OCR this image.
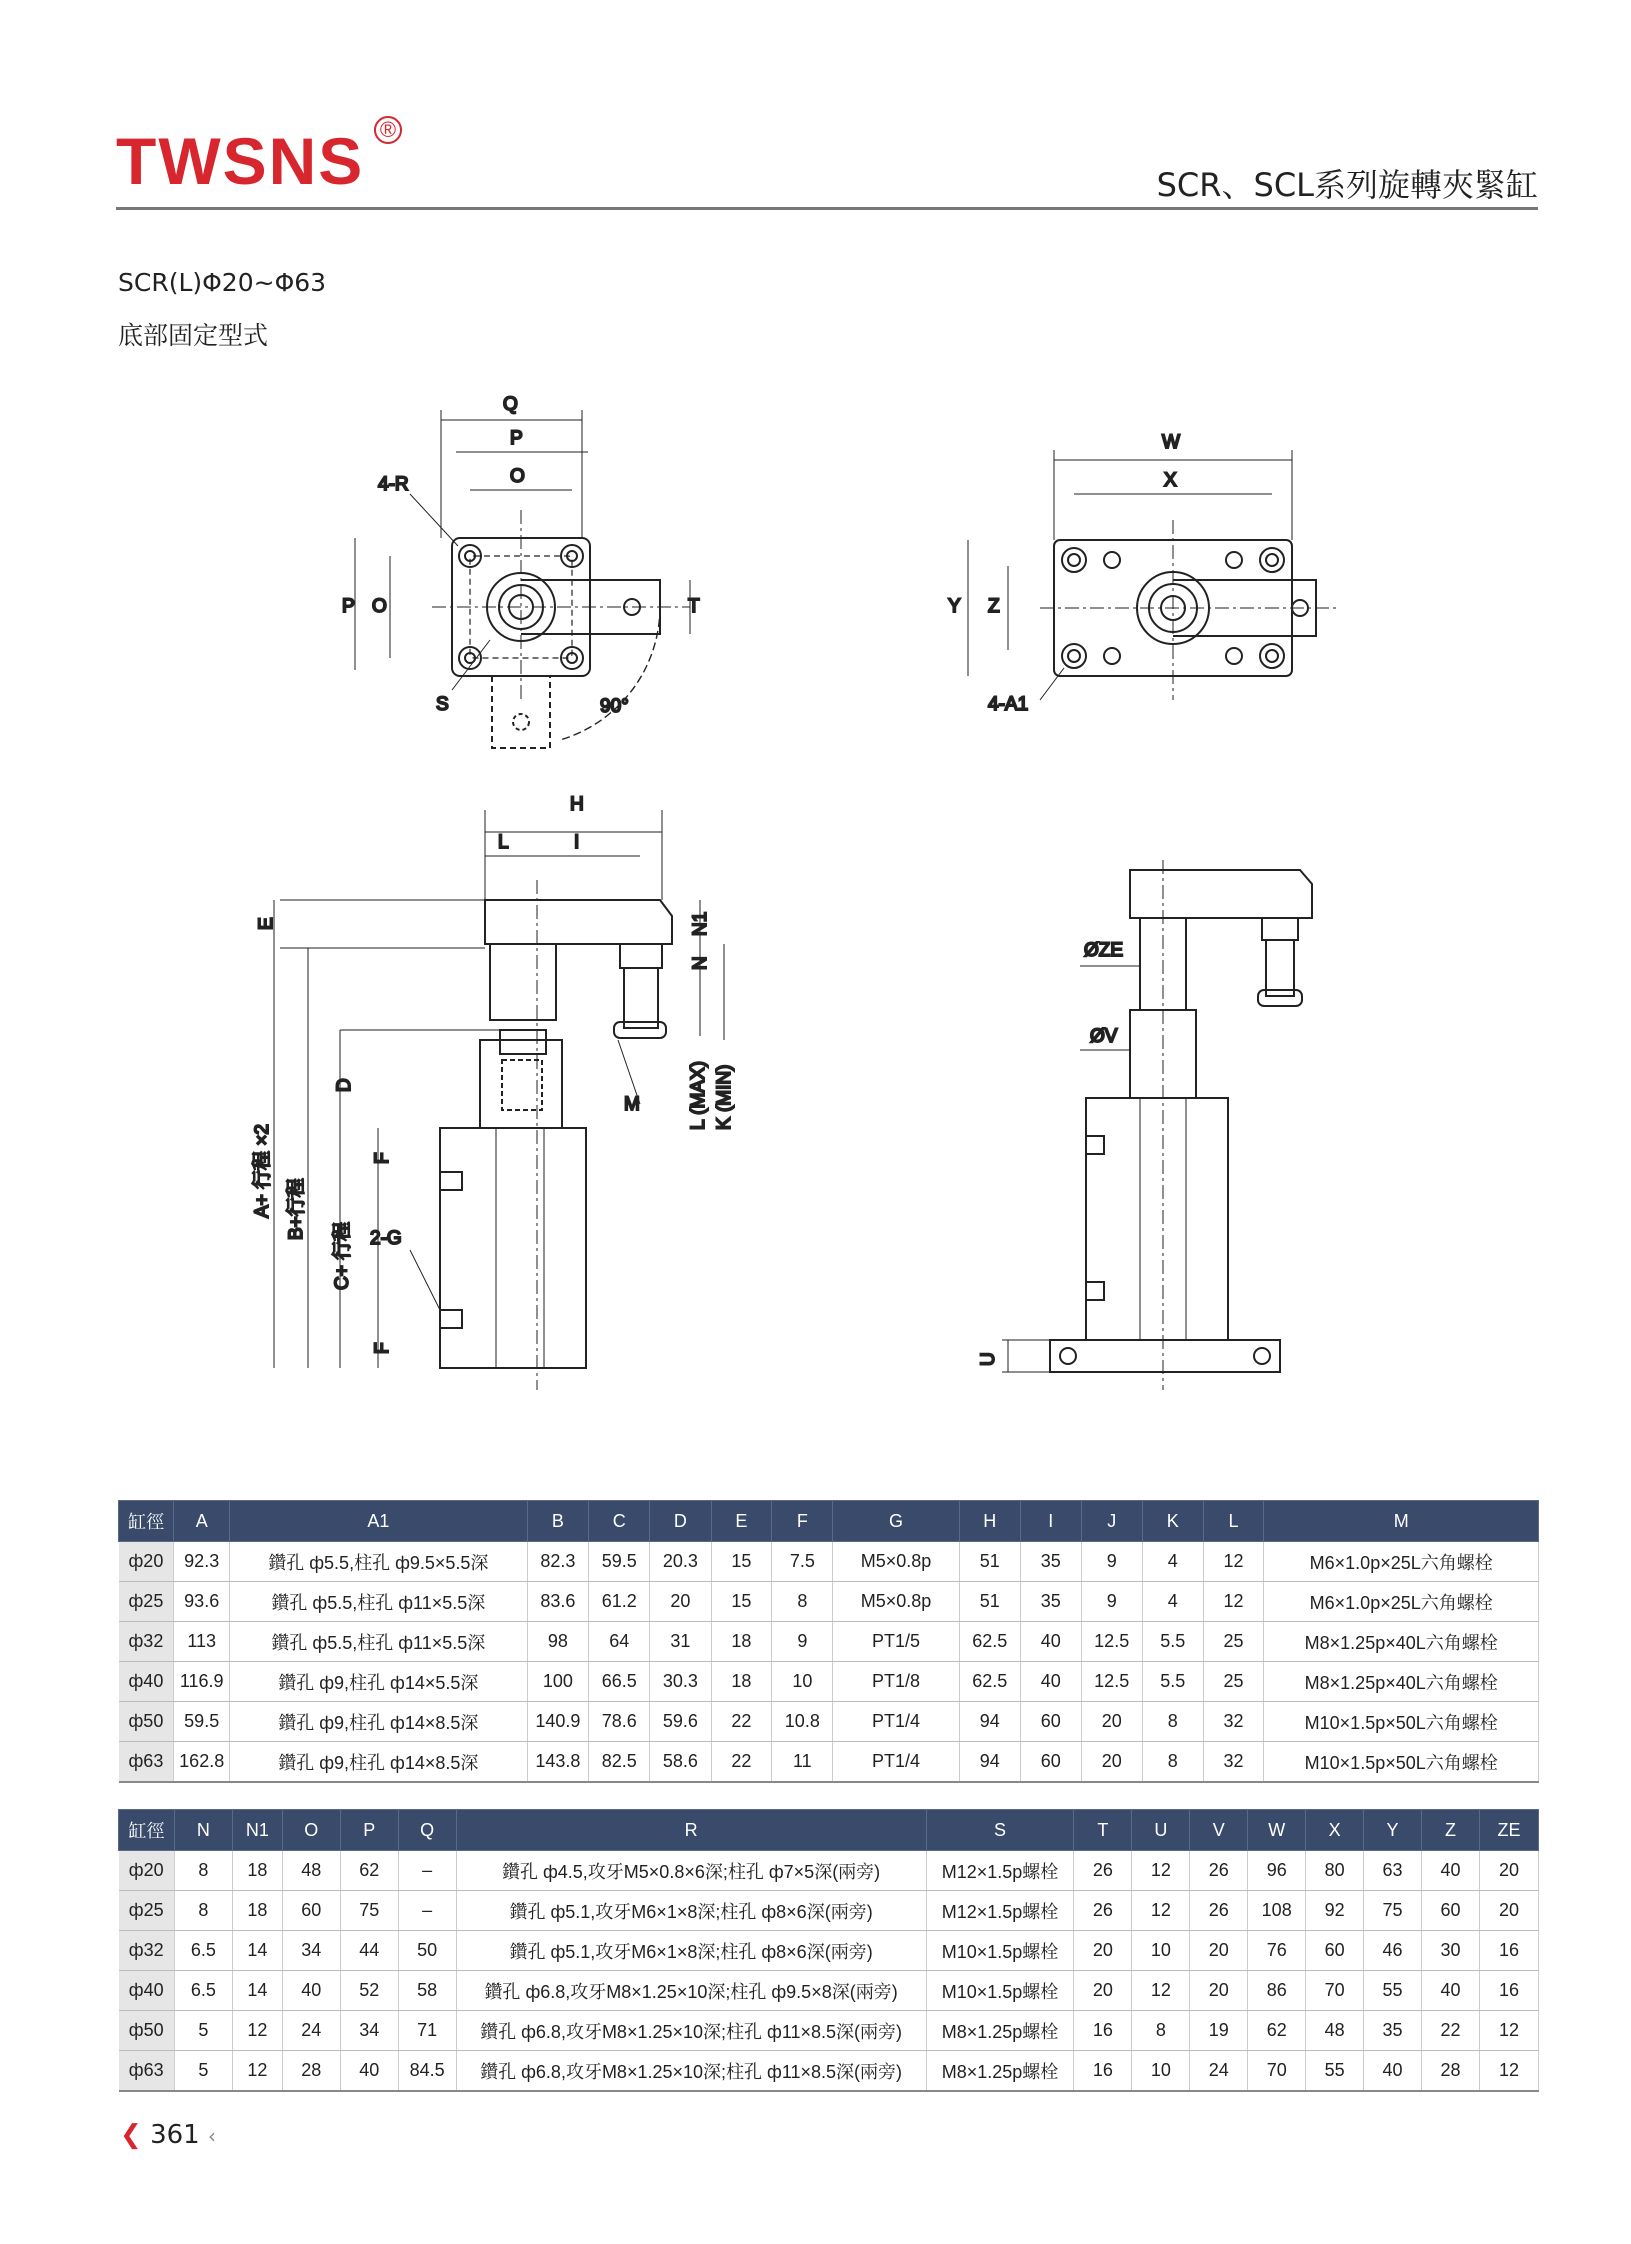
TWSNS ®
SCR、SCL系列旋轉夾緊缸
SCR(L)Φ20~Φ63
底部固定型式
Q
P
O
4-R
P O	T
S	90°
W
X
Y Z
4-A1
H
L	I
E
N
N1
D
M	L (MAX) K (MIN)
A+ 行程 ×2 B+行程
C+ 行程
F
F
2-G
ØZE
ØV
U
缸徑	A	A1	B	C	D	E	F	G	H	I	J	K	L	M
ф20	92.3	鑽孔 ф5.5,柱孔 ф9.5×5.5深	82.3	59.5	20.3	15	7.5	M5×0.8p	51	35	9	4	12	M6×1.0p×25L六角螺栓
ф25	93.6	鑽孔 ф5.5,柱孔 ф11×5.5深	83.6	61.2	20	15	8	M5×0.8p	51	35	9	4	12	M6×1.0p×25L六角螺栓
ф32	113	鑽孔 ф5.5,柱孔 ф11×5.5深	98	64	31	18	9	PT1/5	62.5	40	12.5	5.5	25	M8×1.25p×40L六角螺栓
ф40	116.9	鑽孔 ф9,柱孔 ф14×5.5深	100	66.5	30.3	18	10	PT1/8	62.5	40	12.5	5.5	25	M8×1.25p×40L六角螺栓
ф50	59.5	鑽孔 ф9,柱孔 ф14×8.5深	140.9	78.6	59.6	22	10.8	PT1/4	94	60	20	8	32	M10×1.5p×50L六角螺栓
ф63	162.8	鑽孔 ф9,柱孔 ф14×8.5深	143.8	82.5	58.6	22	11	PT1/4	94	60	20	8	32	M10×1.5p×50L六角螺栓
缸徑	N	N1	O	P	Q	R	S	T	U	V	W	X	Y	Z	ZE
ф20	8	18	48	62	–	鑽孔 ф4.5,攻牙M5×0.8×6深;柱孔 ф7×5深(兩旁)	M12×1.5p螺栓	26	12	26	96	80	63	40	20
ф25	8	18	60	75	–	鑽孔 ф5.1,攻牙M6×1×8深;柱孔 ф8×6深(兩旁)	M12×1.5p螺栓	26	12	26	108	92	75	60	20
ф32	6.5	14	34	44	50	鑽孔 ф5.1,攻牙M6×1×8深;柱孔 ф8×6深(兩旁)	M10×1.5p螺栓	20	10	20	76	60	46	30	16
ф40	6.5	14	40	52	58	鑽孔 ф6.8,攻牙M8×1.25×10深;柱孔 ф9.5×8深(兩旁)	M10×1.5p螺栓	20	12	20	86	70	55	40	16
ф50	5	12	24	34	71	鑽孔 ф6.8,攻牙M8×1.25×10深;柱孔 ф11×8.5深(兩旁)	M8×1.25p螺栓	16	8	19	62	48	35	22	12
ф63	5	12	28	40	84.5	鑽孔 ф6.8,攻牙M8×1.25×10深;柱孔 ф11×8.5深(兩旁)	M8×1.25p螺栓	16	10	24	70	55	40	28	12
❮ 361 ‹
